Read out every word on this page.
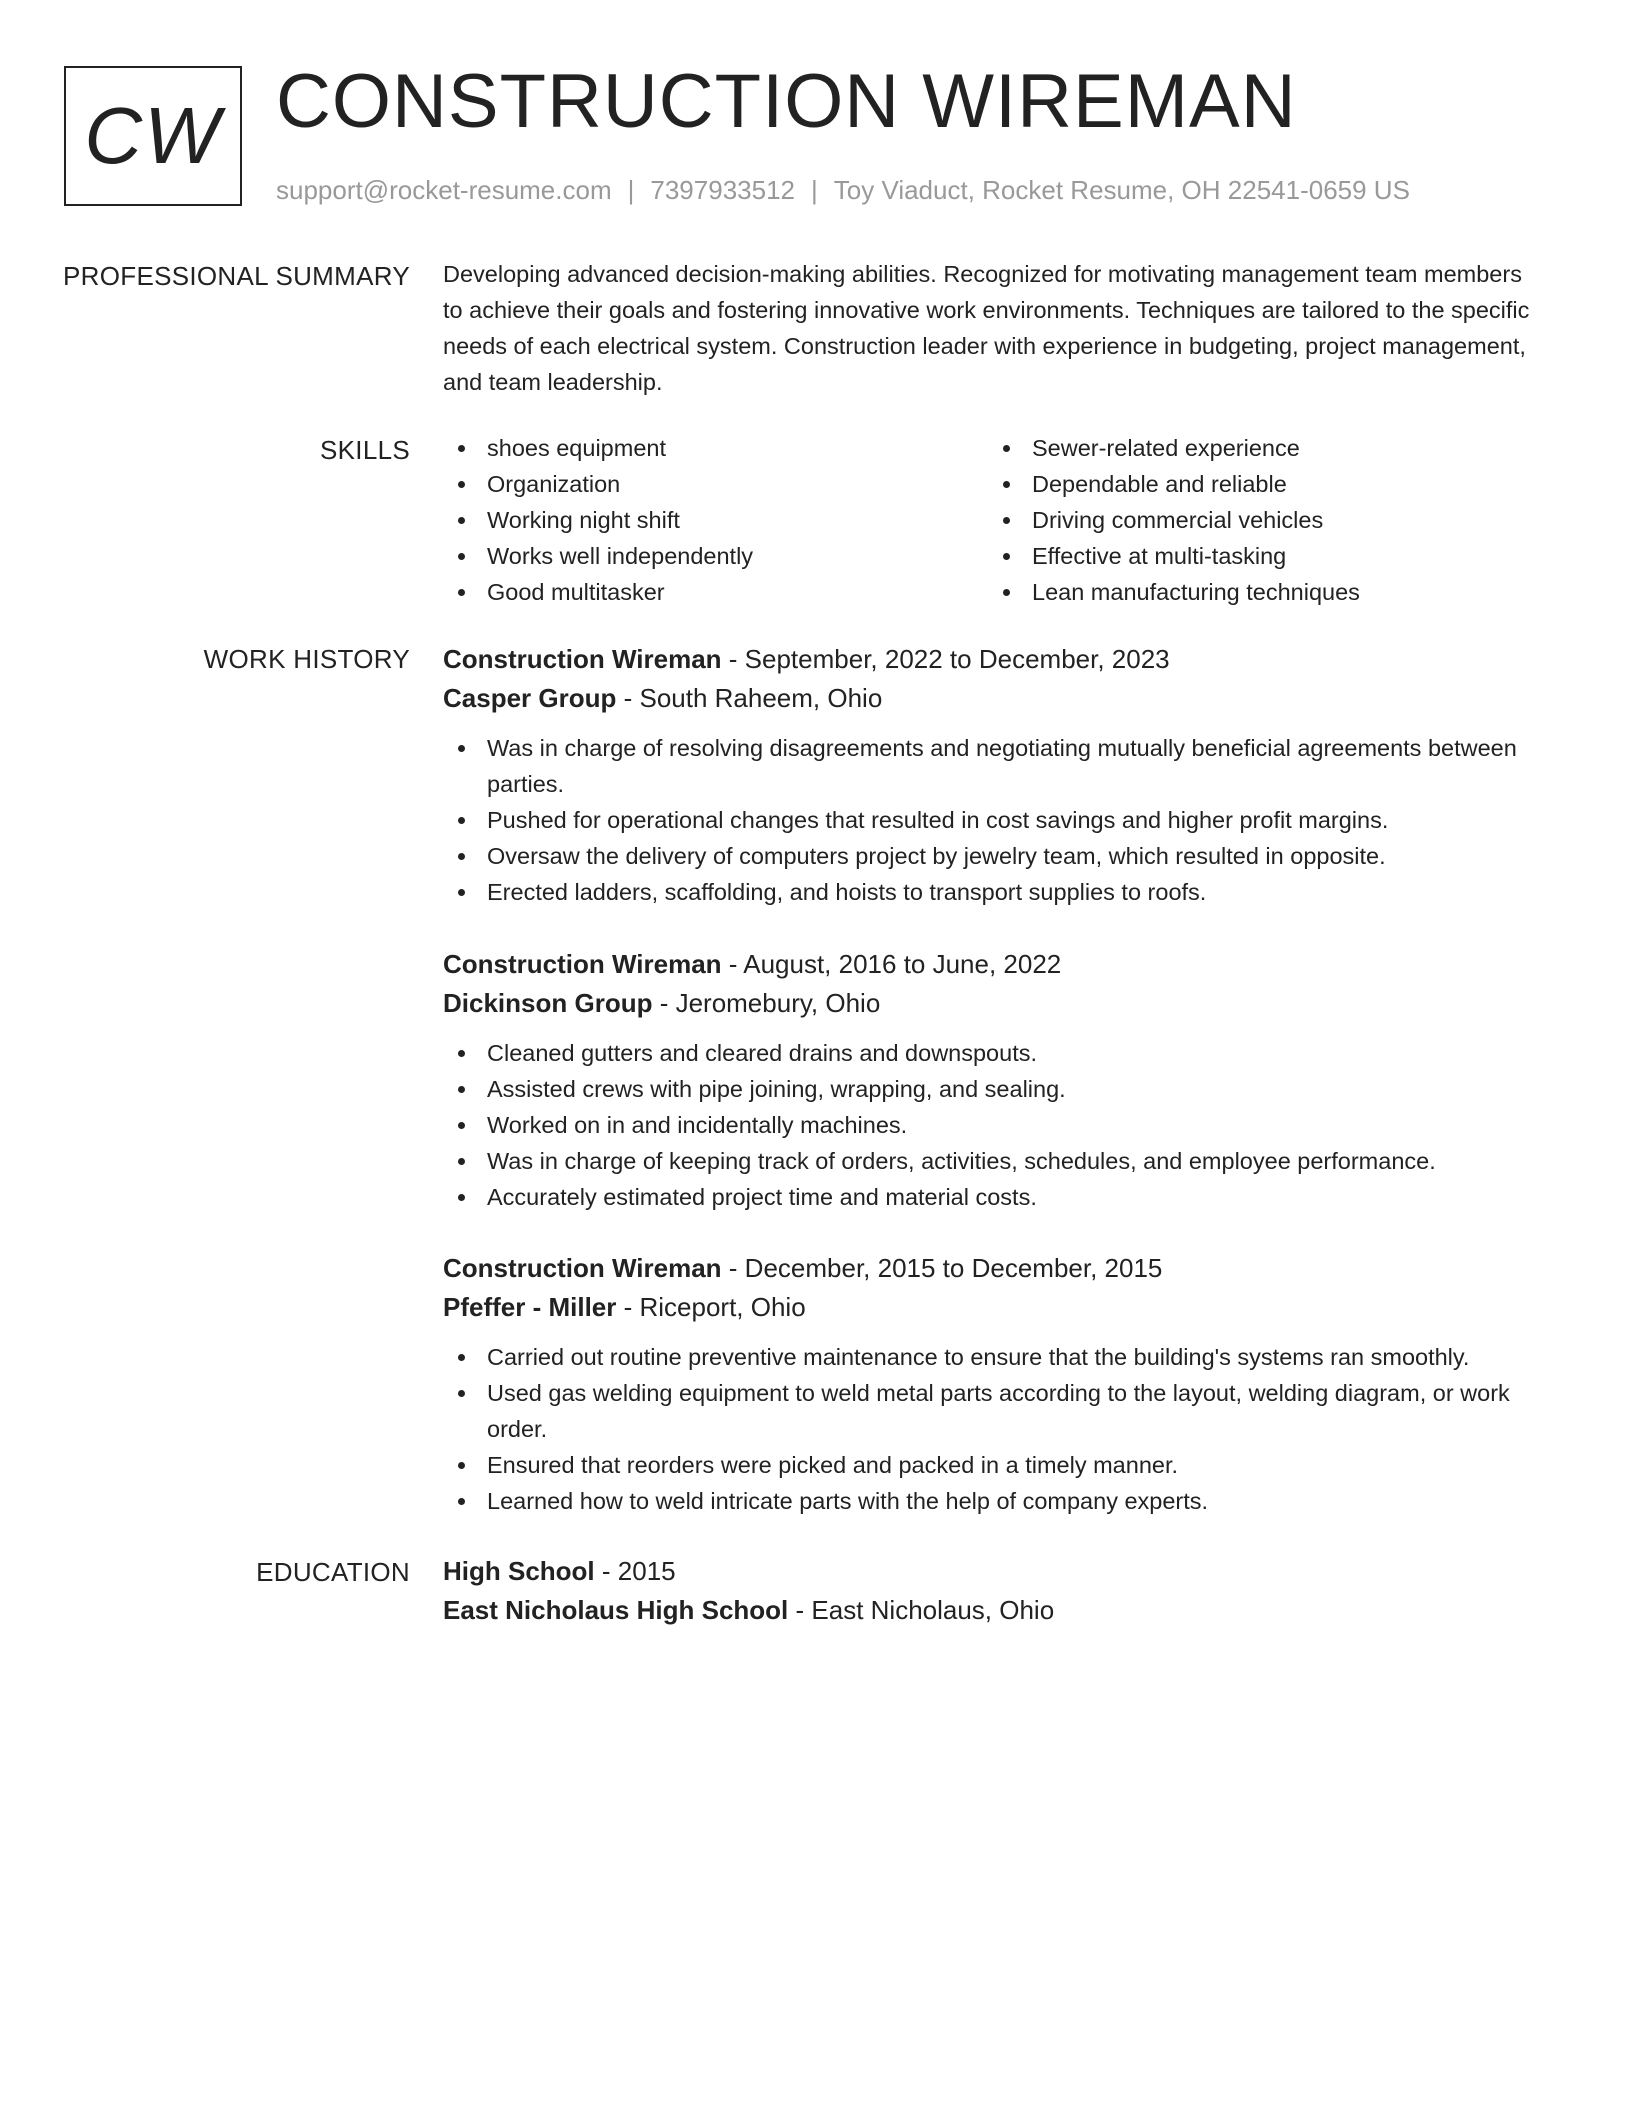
CW CONSTRUCTION WIREMAN
support@rocket-resume.com | 7397933512 | Toy Viaduct, Rocket Resume, OH 22541-0659 US
PROFESSIONAL SUMMARY Developing advanced decision-making abilities. Recognized for motivating management team members to achieve their goals and fostering innovative work environments. Techniques are tailored to the specific needs of each electrical system. Construction leader with experience in budgeting, project management, and team leadership.

SKILLS	shoes equipment
Organization
Working night shift
Works well independently
Good multitasker
Sewer-related experience
Dependable and reliable
Driving commercial vehicles
Effective at multi-tasking
Lean manufacturing techniques
WORK HISTORY Construction Wireman - September, 2022 to December, 2023
Casper Group - South Raheem, Ohio
Was in charge of resolving disagreements and negotiating mutually beneficial agreements between parties.
Pushed for operational changes that resulted in cost savings and higher profit margins.
Oversaw the delivery of computers project by jewelry team, which resulted in opposite.
Erected ladders, scaffolding, and hoists to transport supplies to roofs.
Construction Wireman - August, 2016 to June, 2022
Dickinson Group - Jeromebury, Ohio
Cleaned gutters and cleared drains and downspouts.
Assisted crews with pipe joining, wrapping, and sealing.
Worked on in and incidentally machines.
Was in charge of keeping track of orders, activities, schedules, and employee performance.
Accurately estimated project time and material costs.
Construction Wireman - December, 2015 to December, 2015
Pfeffer - Miller - Riceport, Ohio
Carried out routine preventive maintenance to ensure that the building's systems ran smoothly.
Used gas welding equipment to weld metal parts according to the layout, welding diagram, or work order.
Ensured that reorders were picked and packed in a timely manner.
Learned how to weld intricate parts with the help of company experts.
EDUCATION High School - 2015
East Nicholaus High School - East Nicholaus, Ohio
